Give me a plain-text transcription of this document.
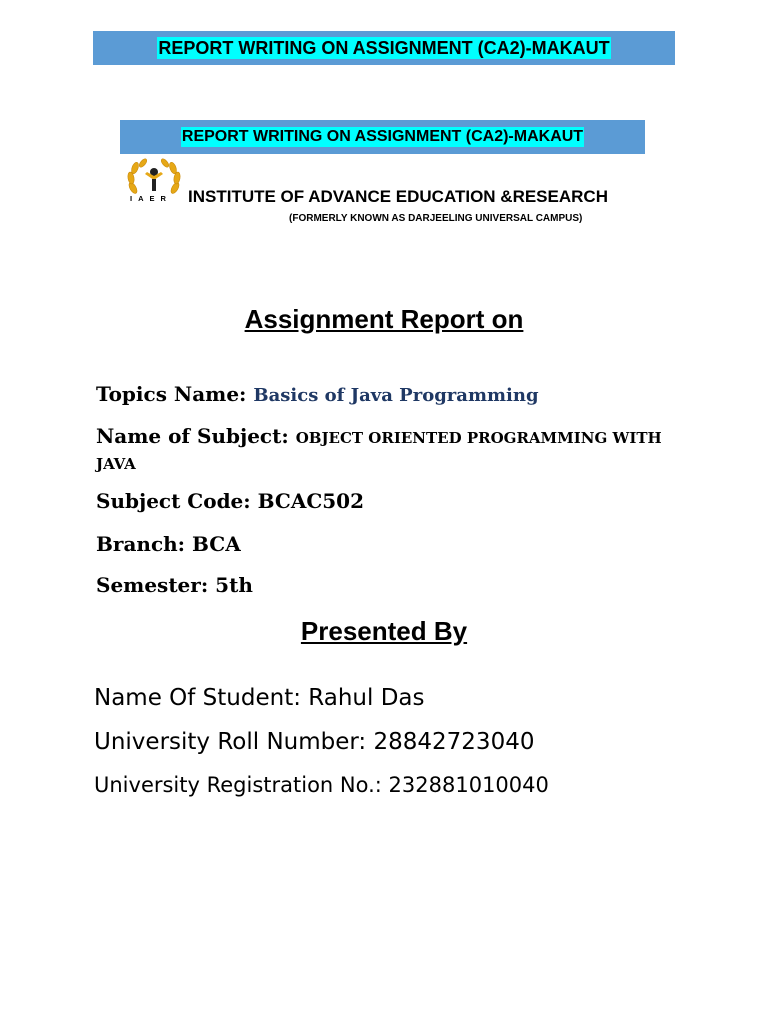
REPORT WRITING ON ASSIGNMENT (CA2)-MAKAUT
REPORT WRITING ON ASSIGNMENT (CA2)-MAKAUT
IAER INSTITUTE OF ADVANCE EDUCATION &RESEARCH
(FORMERLY KNOWN AS DARJEELING UNIVERSAL CAMPUS)
Assignment Report on
Topics Name: Basics of Java Programming
Name of Subject: OBJECT ORIENTED PROGRAMMING WITH JAVA
Subject Code: BCAC502
Branch: BCA
Semester: 5th
Presented By
Name Of Student: Rahul Das
University Roll Number: 28842723040
University Registration No.: 232881010040
